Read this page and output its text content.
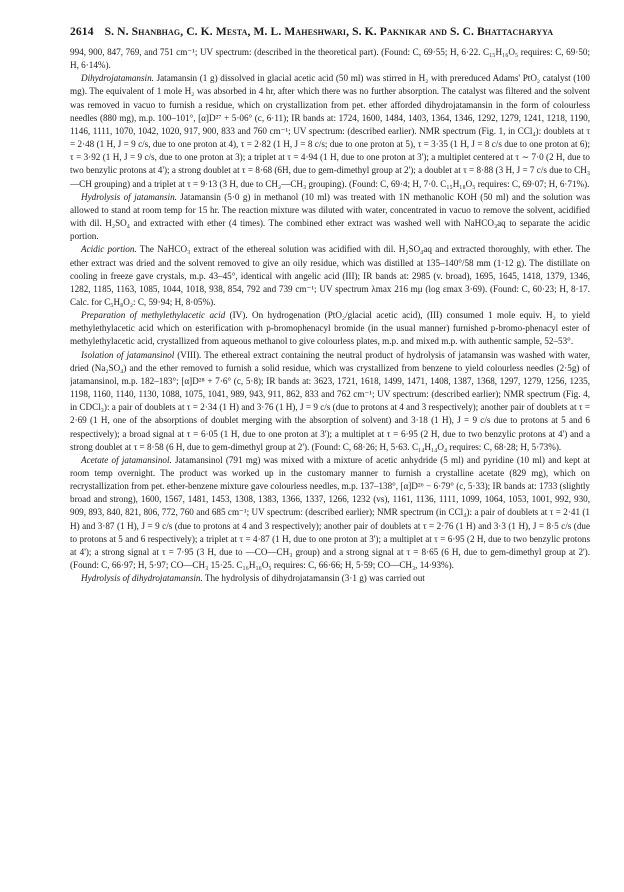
2614 S. N. Shanbhag, C. K. Mesta, M. L. Maheshwari, S. K. Paknikar and S. C. Bhattacharyya

994, 900, 847, 769, and 751 cm⁻¹; UV spectrum: (described in the theoretical part). (Found: C, 69·55; H, 6·22. C₁₅H₁₆O₅ requires: C, 69·50; H, 6·14%).

Dihydrojatamansin. Jatamansin (1 g) dissolved in glacial acetic acid (50 ml) was stirred in H₂ with prereduced Adams' PtO₂ catalyst (100 mg). The equivalent of 1 mole H₂ was absorbed in 4 hr, after which there was no further absorption. The catalyst was filtered and the solvent was removed in vacuo to furnish a residue, which on crystallization from pet. ether afforded dihydrojatamansin in the form of colourless needles (880 mg), m.p. 100–101°, [α]D²⁷ + 5·06° (c, 6·11); IR bands at: 1724, 1600, 1484, 1403, 1364, 1346, 1292, 1279, 1241, 1218, 1190, 1146, 1111, 1070, 1042, 1020, 917, 900, 833 and 760 cm⁻¹; UV spectrum: (described earlier). NMR spectrum (Fig. 1, in CCl₄): doublets at τ = 2·48 (1 H, J = 9 c/s, due to one proton at 4), τ = 2·82 (1 H, J = 8 c/s; due to one proton at 5), τ = 3·35 (1 H, J = 8 c/s due to one proton at 6); τ = 3·92 (1 H, J = 9 c/s, due to one proton at 3); a triplet at τ = 4·94 (1 H, due to one proton at 3'); a multiplet centered at τ ∼ 7·0 (2 H, due to two benzylic protons at 4'); a strong doublet at τ = 8·68 (6H, due to gem-dimethyl group at 2'); a doublet at τ = 8·88 (3 H, J = 7 c/s due to CH₃—CH grouping) and a triplet at τ = 9·13 (3 H, due to CH₂—CH₃ grouping). (Found: C, 69·4; H, 7·0. C₁₅H₁₈O₅ requires: C, 69·07; H, 6·71%).

Hydrolysis of jatamansin. Jatamansin (5·0 g) in methanol (10 ml) was treated with 1N methanolic KOH (50 ml) and the solution was allowed to stand at room temp for 15 hr. The reaction mixture was diluted with water, concentrated in vacuo to remove the solvent, acidified with dil. H₂SO₄ and extracted with ether (4 times). The combined ether extract was washed well with NaHCO₃aq to separate the acidic portion.

Acidic portion. The NaHCO₃ extract of the ethereal solution was acidified with dil. H₂SO₄aq and extracted thoroughly, with ether. The ether extract was dried and the solvent removed to give an oily residue, which was distilled at 135–140°/58 mm (1·12 g). The distillate on cooling in freeze gave crystals, m.p. 43–45°, identical with angelic acid (III); IR bands at: 2985 (v. broad), 1695, 1645, 1418, 1379, 1346, 1282, 1185, 1163, 1085, 1044, 1018, 938, 854, 792 and 739 cm⁻¹; UV spectrum λmax 216 mμ (log εmax 3·69). (Found: C, 60·23; H, 8·17. Calc. for C₅H₈O₂: C, 59·94; H, 8·05%).

Preparation of methylethylacetic acid (IV). On hydrogenation (PtO₂/glacial acetic acid), (III) consumed 1 mole equiv. H₂ to yield methylethylacetic acid which on esterification with p-bromophenacyl bromide (in the usual manner) furnished p-bromo-phenacyl ester of methylethylacetic acid, crystallized from aqueous methanol to give colourless plates, m.p. and mixed m.p. with authentic sample, 52–53°.

Isolation of jatamansinol (VIII). The ethereal extract containing the neutral product of hydrolysis of jatamansin was washed with water, dried (Na₂SO₄) and the ether removed to furnish a solid residue, which was crystallized from benzene to yield colourless needles (2·5g) of jatamansinol, m.p. 182–183°; [α]D²⁸ + 7·6° (c, 5·8); IR bands at: 3623, 1721, 1618, 1499, 1471, 1408, 1387, 1368, 1297, 1279, 1256, 1235, 1198, 1160, 1140, 1130, 1088, 1075, 1041, 989, 943, 911, 862, 833 and 762 cm⁻¹; UV spectrum: (described earlier); NMR spectrum (Fig. 4, in CDCl₃): a pair of doublets at τ = 2·34 (1 H) and 3·76 (1 H), J = 9 c/s (due to protons at 4 and 3 respectively); another pair of doublets at τ = 2·69 (1 H, one of the absorptions of doublet merging with the absorption of solvent) and 3·18 (1 H), J = 9 c/s due to protons at 5 and 6 respectively); a broad signal at τ = 6·05 (1 H, due to one proton at 3'); a multiplet at τ = 6·95 (2 H, due to two benzylic protons at 4') and a strong doublet at τ = 8·58 (6 H, due to gem-dimethyl group at 2'). (Found: C, 68·26; H, 5·63. C₁₄H₁₄O₄ requires: C, 68·28; H, 5·73%).

Acetate of jatamansinol. Jatamansinol (791 mg) was mixed with a mixture of acetic anhydride (5 ml) and pyridine (10 ml) and kept at room temp overnight. The product was worked up in the customary manner to furnish a crystalline acetate (829 mg), which on recrystallization from pet. ether-benzene mixture gave colourless needles, m.p. 137–138°, [α]D²⁶ − 6·79° (c, 5·33); IR bands at: 1733 (slightly broad and strong), 1600, 1567, 1481, 1453, 1308, 1383, 1366, 1337, 1266, 1232 (vs), 1161, 1136, 1111, 1099, 1064, 1053, 1001, 992, 930, 909, 893, 840, 821, 806, 772, 760 and 685 cm⁻¹; UV spectrum: (described earlier); NMR spectrum (in CCl₄): a pair of doublets at τ = 2·41 (1 H) and 3·87 (1 H), J = 9 c/s (due to protons at 4 and 3 respectively); another pair of doublets at τ = 2·76 (1 H) and 3·3 (1 H), J = 8·5 c/s (due to protons at 5 and 6 respectively); a triplet at τ = 4·87 (1 H, due to one proton at 3'); a multiplet at τ = 6·95 (2 H, due to two benzylic protons at 4'); a strong signal at τ = 7·95 (3 H, due to —CO—CH₃ group) and a strong signal at τ = 8·65 (6 H, due to gem-dimethyl group at 2'). (Found: C, 66·97; H, 5·97; CO—CH₃ 15·25. C₁₆H₁₆O₅ requires: C, 66·66; H, 5·59; CO—CH₃, 14·93%).

Hydrolysis of dihydrojatamansin. The hydrolysis of dihydrojatamansin (3·1 g) was carried out
